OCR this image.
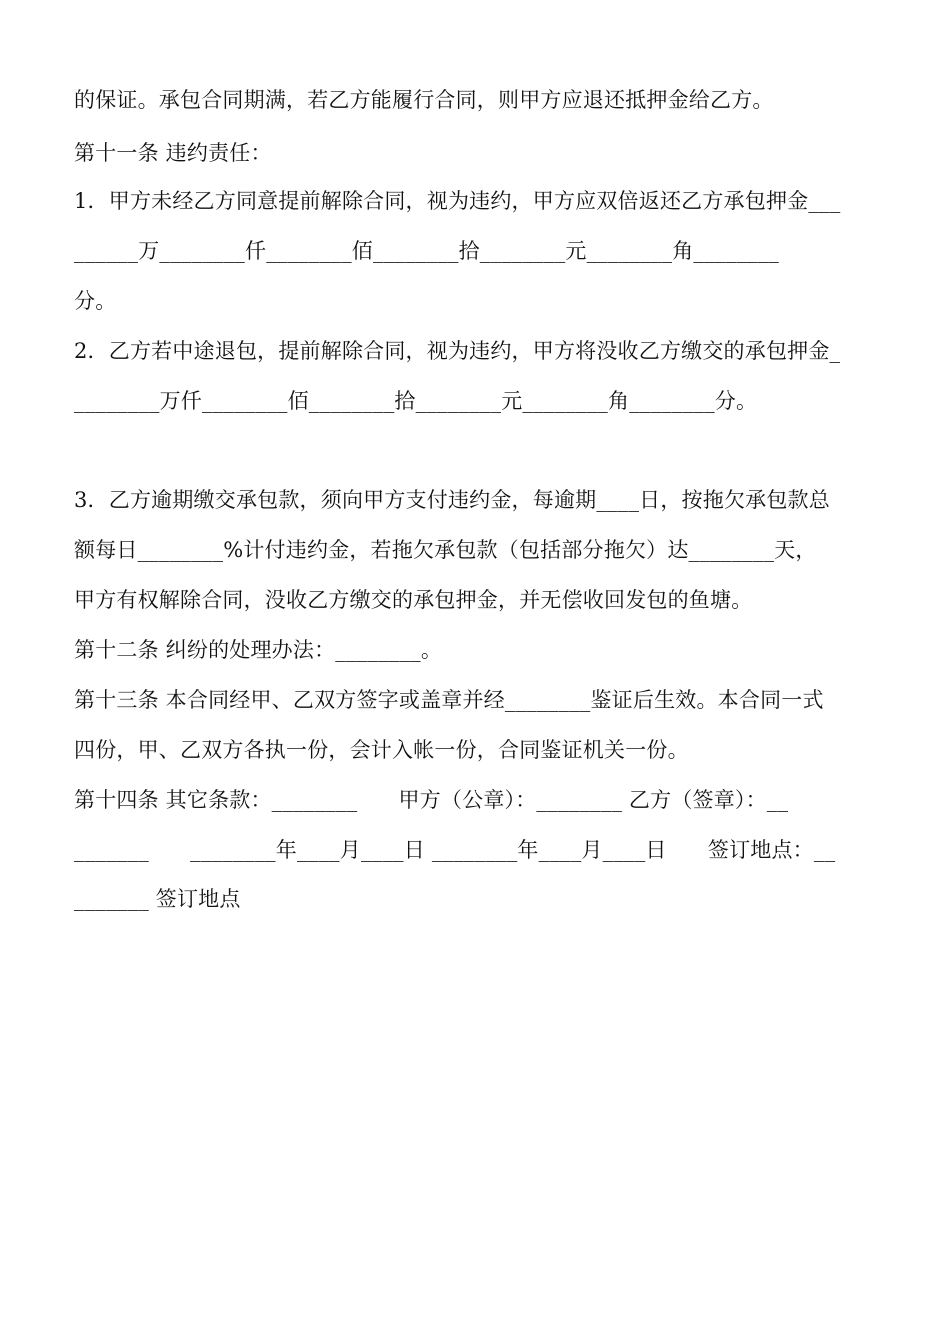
的保证。承包合同期满，若乙方能履行合同，则甲方应退还抵押金给乙方。
第十一条 违约责任：
1．甲方未经乙方同意提前解除合同，视为违约，甲方应双倍返还乙方承包押金___
______万________仟________佰________拾________元________角________
分。
2．乙方若中途退包，提前解除合同，视为违约，甲方将没收乙方缴交的承包押金_
________万仟________佰________拾________元________角________分。
3．乙方逾期缴交承包款，须向甲方支付违约金，每逾期____日，按拖欠承包款总
额每日________%计付违约金，若拖欠承包款（包括部分拖欠）达________天，
甲方有权解除合同，没收乙方缴交的承包押金，并无偿收回发包的鱼塘。
第十二条 纠纷的处理办法：________。
第十三条 本合同经甲、乙双方签字或盖章并经________鉴证后生效。本合同一式
四份，甲、乙双方各执一份，会计入帐一份，合同鉴证机关一份。
第十四条 其它条款：________      甲方（公章）：________ 乙方（签章）：__
_______      ________年____月____日 ________年____月____日      签订地点：__
_______ 签订地点
